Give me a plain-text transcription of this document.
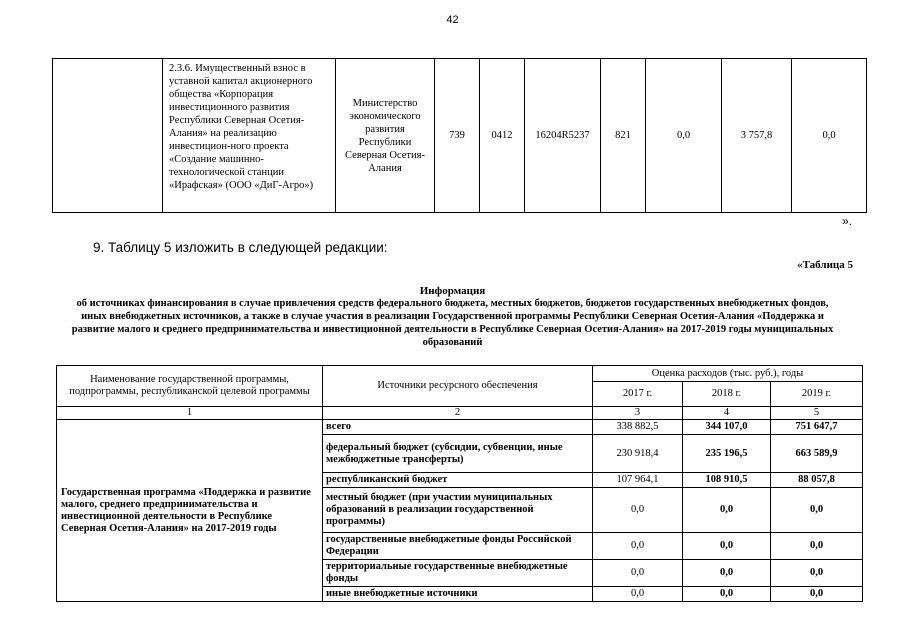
42
	2.3.6. Имущественный взнос в уставной капитал акционерного общества «Корпорация инвестиционного развития Республики Северная Осетия-Алания» на реализацию инвестицион-ного проекта «Создание машинно-технологической станции «Ирафская» (ООО «ДиГ-Агро»)	Министерство экономического развития Республики Северная Осетия-Алания	739	0412	16204R5237	821	0,0	3 757,8	0,0
».
9. Таблицу 5 изложить в следующей редакции:
«Таблица 5
Информация
об источниках финансирования в случае привлечения средств федерального бюджета, местных бюджетов, бюджетов государственных внебюджетных фондов, иных внебюджетных источников, а также в случае участия в реализации Государственной программы Республики Северная Осетия-Алания «Поддержка и развитие малого и среднего предпринимательства и инвестиционной деятельности в Республике Северная Осетия-Алания» на 2017-2019 годы муниципальных образований
Наименование государственной программы, подпрограммы, республиканской целевой программы	Источники ресурсного обеспечения	Оценка расходов (тыс. руб.), годы		
		2017 г.	2018 г.	2019 г.
1	2	3	4	5
Государственная программа «Поддержка и развитие малого, среднего предпринимательства и инвестиционной деятельности в Республике Северная Осетия-Алания» на 2017-2019 годы	всего	338 882,5	344 107,0	751 647,7
	федеральный бюджет (субсидии, субвенции, иные межбюджетные трансферты)	230 918,4	235 196,5	663 589,9
	республиканский бюджет	107 964,1	108 910,5	88 057,8
	местный бюджет (при участии муниципальных образований в реализации государственной программы)	0,0	0,0	0,0
	государственные внебюджетные фонды Российской Федерации	0,0	0,0	0,0
	территориальные государственные внебюджетные фонды	0,0	0,0	0,0
	иные внебюджетные источники	0,0	0,0	0,0
